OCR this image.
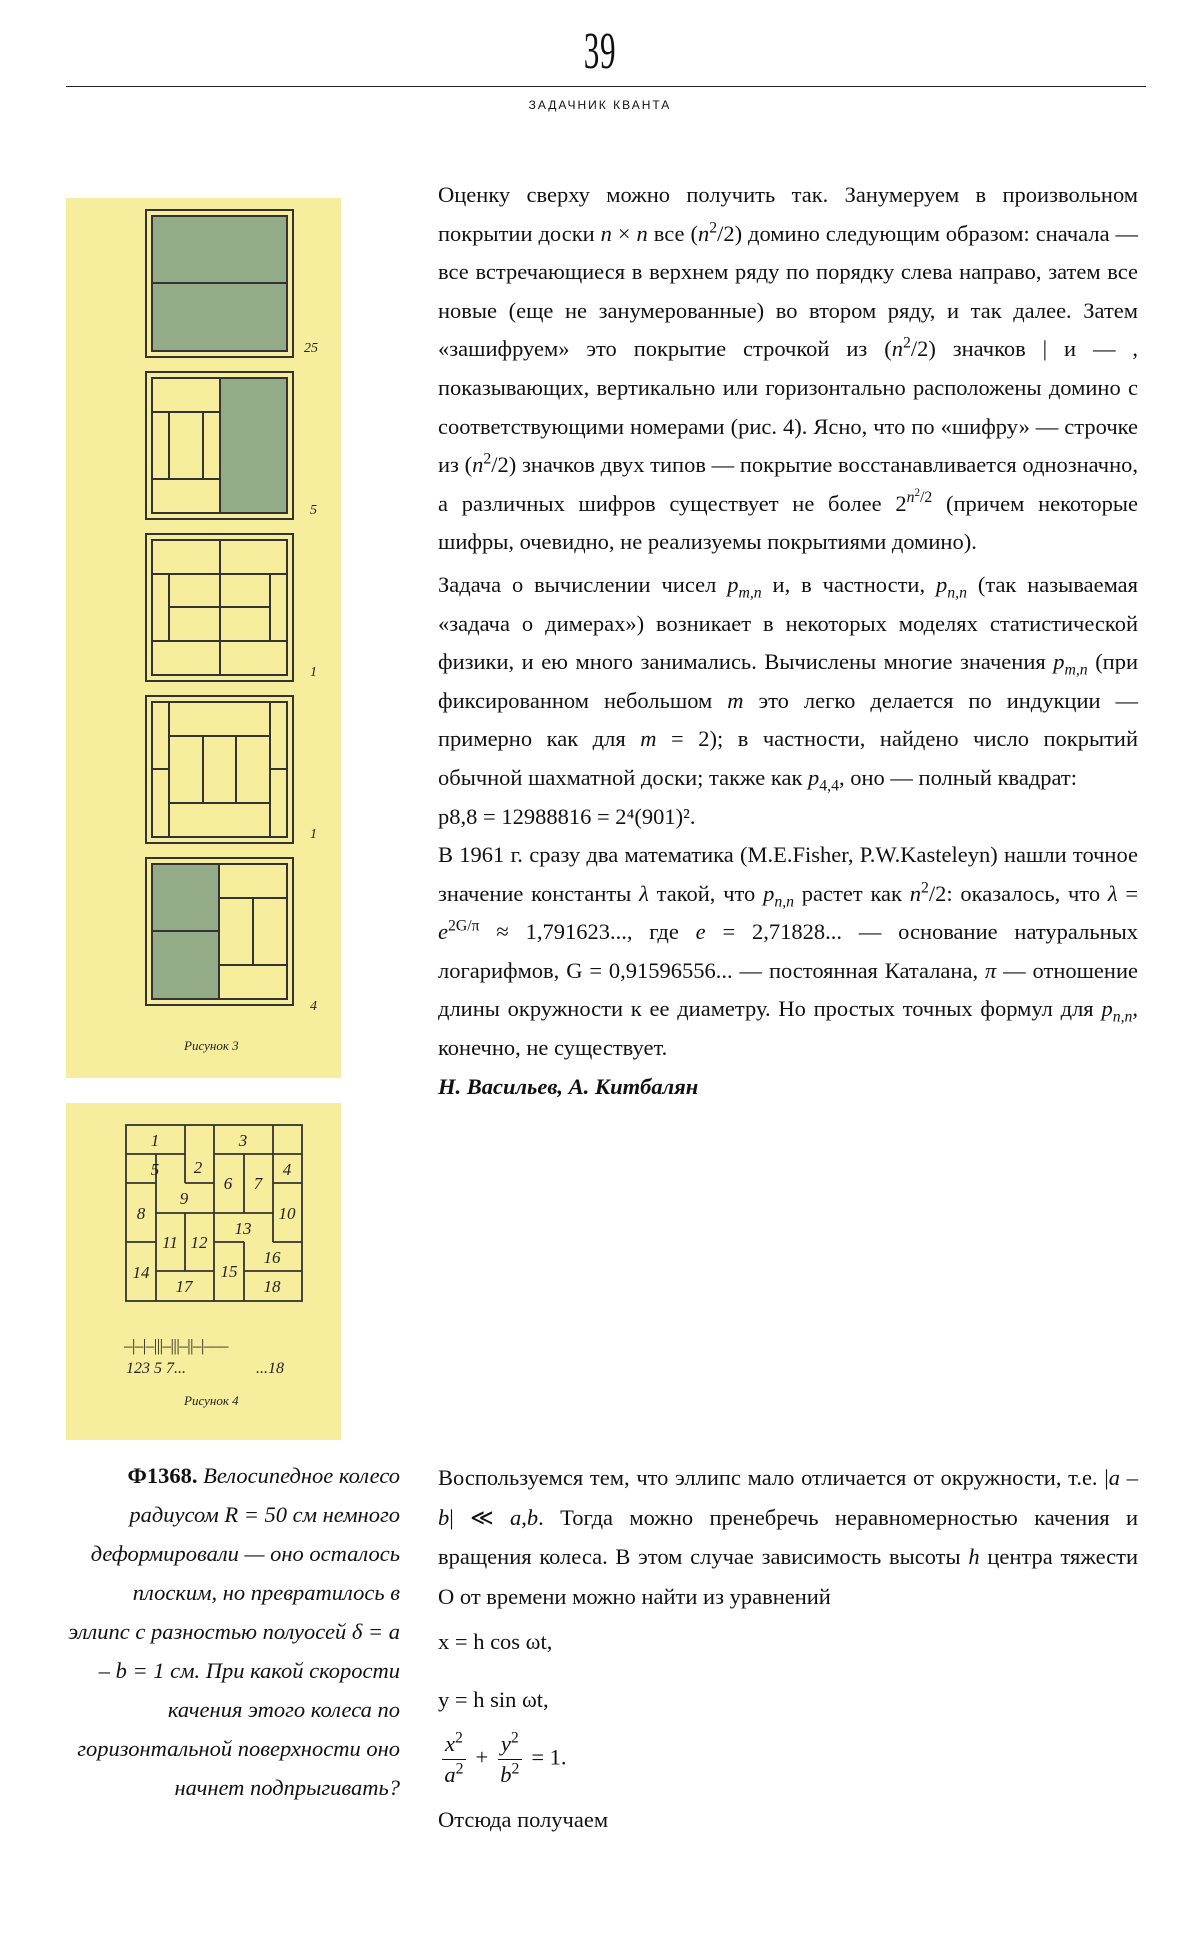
39
ЗАДАЧНИК КВАНТА
25
5
1
1
4
Рисунок 3
1
2
3
4
5
6 7
8
9
10
11 12
13
14	15
16
17	18
–|–|–|||–|||–||–|–––
123 5 7...	...18
Рисунок 4

Оценку сверху можно получить так. Занумеруем в произвольном покрытии доски n × n все $(n^2/2)$ домино следующим образом: сначала — все встречающиеся в верхнем ряду по порядку слева направо, затем все новые (еще не занумерованные) во втором ряду, и так далее. Затем «зашифруем» это покрытие строчкой из $(n^2/2)$ значков | и — , показывающих, вертикально или горизонтально расположены домино с соответствующими номерами (рис. 4). Ясно, что по «шифру» — строчке из $(n^2/2)$ значков двух типов — покрытие восстанавливается однозначно, а различных шифров существует не более $2^{n^2/2}$ (причем некоторые шифры, очевидно, не реализуемы покрытиями домино).

Задача о вычислении чисел $p_{m,n}$ и, в частности, $p_{n,n}$ (так называемая «задача о димерах») возникает в некоторых моделях статистической физики, и ею много занимались. Вычислены многие значения $p_{m,n}$ (при фиксированном небольшом m это легко делается по индукции — примерно как для m = 2); в частности, найдено число покрытий обычной шахматной доски; также как $p_{4,4}$, оно — полный квадрат:

p8,8 = 12988816 = 2⁴(901)².

В 1961 г. сразу два математика (M.E.Fisher, P.W.Kasteleyn) нашли точное значение константы λ такой, что $p_{n,n}$ растет как $n^2/2$: оказалось, что $\lambda = e^{2G/\pi} \approx 1,791623$..., где e = 2,71828... — основание натуральных логарифмов, G = 0,91596556... — постоянная Каталана, π — отношение длины окружности к ее диаметру. Но простых точных формул для $p_{n,n}$, конечно, не существует.

Н. Васильев, А. Китбалян

Воспользуемся тем, что эллипс мало отличается от окружности, т.е. |a – b| ≪ a,b. Тогда можно пренебречь неравномерностью качения и вращения колеса. В этом случае зависимость высоты h центра тяжести O от времени можно найти из уравнений

x = h cos ωt,

y = h sin ωt,

$\frac{x^2}{a^2} + \frac{y^2}{b^2} = 1$.

Отсюда получаем

Ф1368. Велосипедное колесо радиусом R = 50 см немного деформировали — оно осталось плоским, но превратилось в эллипс с разностью полуосей δ = a – b = 1 см. При какой скорости качения этого колеса по горизонтальной поверхности оно начнет подпрыгивать?
